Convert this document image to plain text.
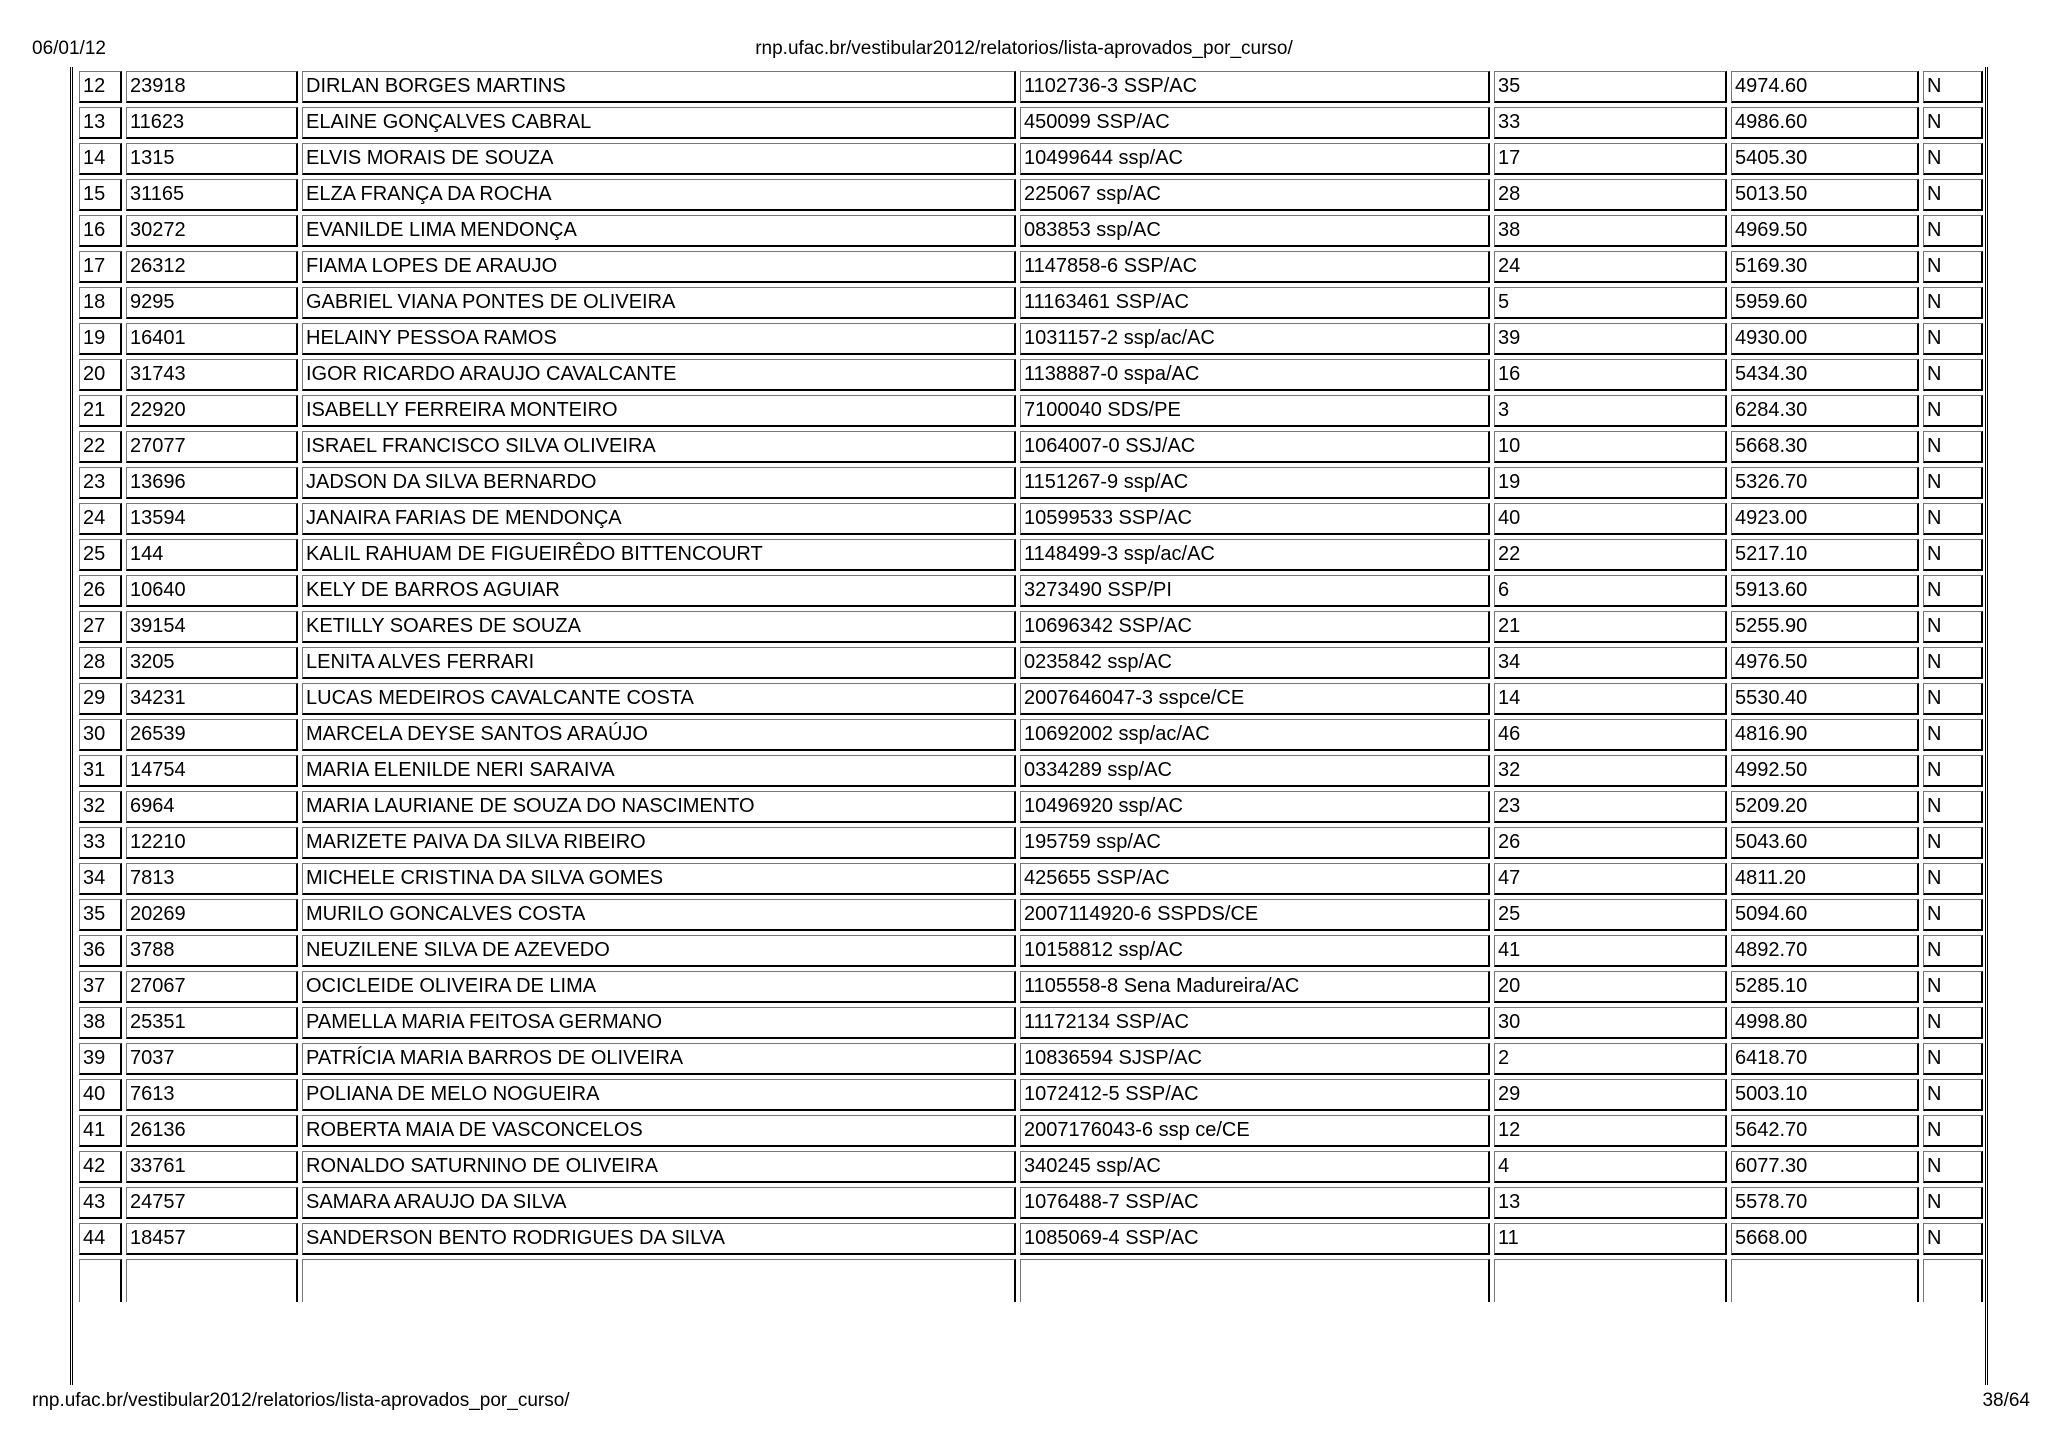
06/01/12	rnp.ufac.br/vestibular2012/relatorios/lista-aprovados_por_curso/
12	23918	DIRLAN BORGES MARTINS	1102736-3 SSP/AC	35	4974.60	N
13	11623	ELAINE GONÇALVES CABRAL	450099 SSP/AC	33	4986.60	N
14	1315	ELVIS MORAIS DE SOUZA	10499644 ssp/AC	17	5405.30	N
15	31165	ELZA FRANÇA DA ROCHA	225067 ssp/AC	28	5013.50	N
16	30272	EVANILDE LIMA MENDONÇA	083853 ssp/AC	38	4969.50	N
17	26312	FIAMA LOPES DE ARAUJO	1147858-6 SSP/AC	24	5169.30	N
18	9295	GABRIEL VIANA PONTES DE OLIVEIRA	11163461 SSP/AC	5	5959.60	N
19	16401	HELAINY PESSOA RAMOS	1031157-2 ssp/ac/AC	39	4930.00	N
20	31743	IGOR RICARDO ARAUJO CAVALCANTE	1138887-0 sspa/AC	16	5434.30	N
21	22920	ISABELLY FERREIRA MONTEIRO	7100040 SDS/PE	3	6284.30	N
22	27077	ISRAEL FRANCISCO SILVA OLIVEIRA	1064007-0 SSJ/AC	10	5668.30	N
23	13696	JADSON DA SILVA BERNARDO	1151267-9 ssp/AC	19	5326.70	N
24	13594	JANAIRA FARIAS DE MENDONÇA	10599533 SSP/AC	40	4923.00	N
25	144	KALIL RAHUAM DE FIGUEIRÊDO BITTENCOURT	1148499-3 ssp/ac/AC	22	5217.10	N
26	10640	KELY DE BARROS AGUIAR	3273490 SSP/PI	6	5913.60	N
27	39154	KETILLY SOARES DE SOUZA	10696342 SSP/AC	21	5255.90	N
28	3205	LENITA ALVES FERRARI	0235842 ssp/AC	34	4976.50	N
29	34231	LUCAS MEDEIROS CAVALCANTE COSTA	2007646047-3 sspce/CE	14	5530.40	N
30	26539	MARCELA DEYSE SANTOS ARAÚJO	10692002 ssp/ac/AC	46	4816.90	N
31	14754	MARIA ELENILDE NERI SARAIVA	0334289 ssp/AC	32	4992.50	N
32	6964	MARIA LAURIANE DE SOUZA DO NASCIMENTO	10496920 ssp/AC	23	5209.20	N
33	12210	MARIZETE PAIVA DA SILVA RIBEIRO	195759 ssp/AC	26	5043.60	N
34	7813	MICHELE CRISTINA DA SILVA GOMES	425655 SSP/AC	47	4811.20	N
35	20269	MURILO GONCALVES COSTA	2007114920-6 SSPDS/CE	25	5094.60	N
36	3788	NEUZILENE SILVA DE AZEVEDO	10158812 ssp/AC	41	4892.70	N
37	27067	OCICLEIDE OLIVEIRA DE LIMA	1105558-8 Sena Madureira/AC	20	5285.10	N
38	25351	PAMELLA MARIA FEITOSA GERMANO	11172134 SSP/AC	30	4998.80	N
39	7037	PATRÍCIA MARIA BARROS DE OLIVEIRA	10836594 SJSP/AC	2	6418.70	N
40	7613	POLIANA DE MELO NOGUEIRA	1072412-5 SSP/AC	29	5003.10	N
41	26136	ROBERTA MAIA DE VASCONCELOS	2007176043-6 ssp ce/CE	12	5642.70	N
42	33761	RONALDO SATURNINO DE OLIVEIRA	340245 ssp/AC	4	6077.30	N
43	24757	SAMARA ARAUJO DA SILVA	1076488-7 SSP/AC	13	5578.70	N
44	18457	SANDERSON BENTO RODRIGUES DA SILVA	1085069-4 SSP/AC	11	5668.00	N

rnp.ufac.br/vestibular2012/relatorios/lista-aprovados_por_curso/	38/64
